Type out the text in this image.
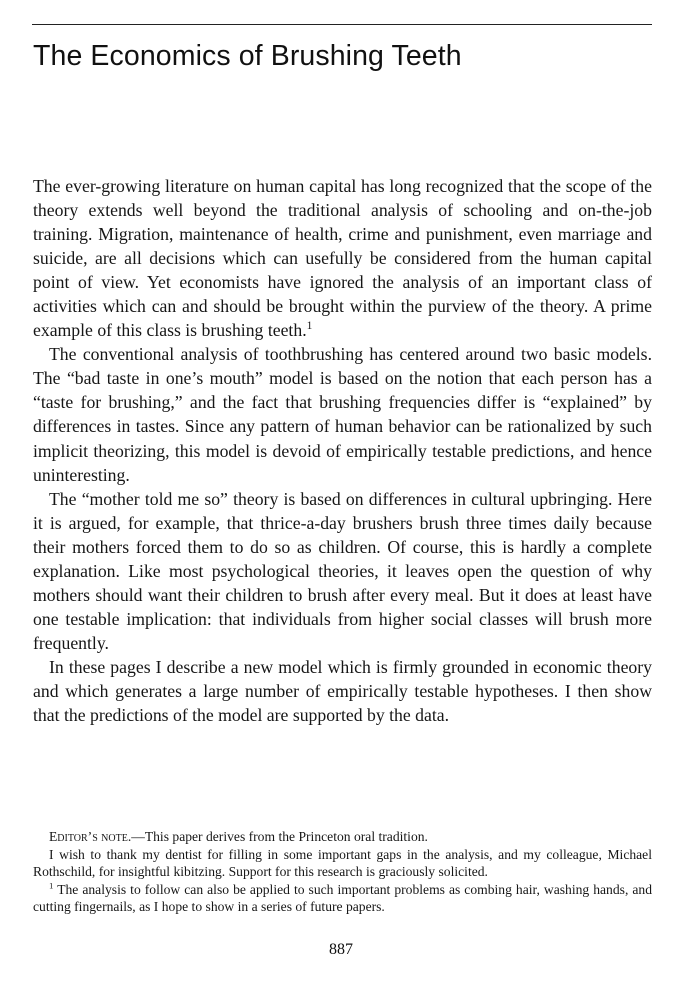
The Economics of Brushing Teeth

The ever-growing literature on human capital has long recognized that the scope of the theory extends well beyond the traditional analysis of schooling and on-the-job training. Migration, maintenance of health, crime and punishment, even marriage and suicide, are all decisions which can usefully be considered from the human capital point of view. Yet economists have ignored the analysis of an important class of activities which can and should be brought within the purview of the theory. A prime example of this class is brushing teeth.$^1$

The conventional analysis of toothbrushing has centered around two basic models. The “bad taste in one’s mouth” model is based on the notion that each person has a “taste for brushing,” and the fact that brushing frequencies differ is “explained” by differences in tastes. Since any pattern of human behavior can be rationalized by such implicit theorizing, this model is devoid of empirically testable predictions, and hence uninteresting.

The “mother told me so” theory is based on differences in cultural upbringing. Here it is argued, for example, that thrice-a-day brushers brush three times daily because their mothers forced them to do so as children. Of course, this is hardly a complete explanation. Like most psychological theories, it leaves open the question of why mothers should want their children to brush after every meal. But it does at least have one testable implication: that individuals from higher social classes will brush more frequently.

In these pages I describe a new model which is firmly grounded in economic theory and which generates a large number of empirically testable hypotheses. I then show that the predictions of the model are supported by the data.

Editor’s note.—This paper derives from the Princeton oral tradition.

I wish to thank my dentist for filling in some important gaps in the analysis, and my colleague, Michael Rothschild, for insightful kibitzing. Support for this research is graciously solicited.

$^1$ The analysis to follow can also be applied to such important problems as combing hair, washing hands, and cutting fingernails, as I hope to show in a series of future papers.

887
